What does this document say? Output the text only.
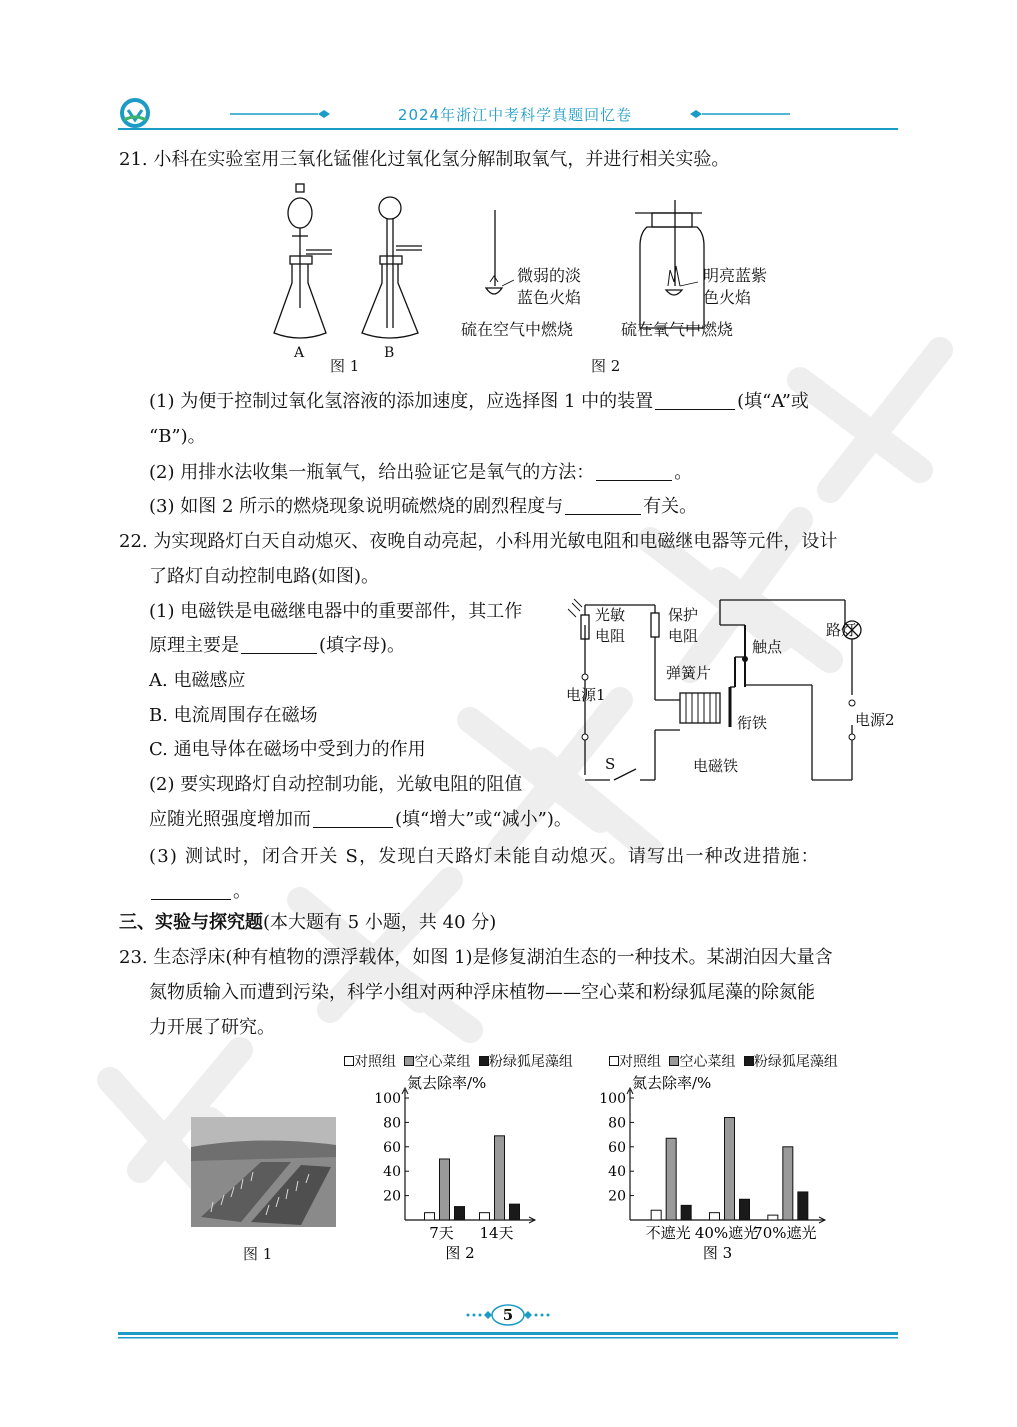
2024年浙江中考科学真题回忆卷
21. 小科在实验室用三氧化锰催化过氧化氢分解制取氧气，并进行相关实验。
A	B
图 1
微弱的淡
蓝色火焰
明亮蓝紫
色火焰
硫在空气中燃烧	硫在氧气中燃烧
图 2
(1) 为便于控制过氧化氢溶液的添加速度，应选择图 1 中的装置	(填“A”或
“B”)。
(2) 用排水法收集一瓶氧气，给出验证它是氧气的方法：	。
(3) 如图 2 所示的燃烧现象说明硫燃烧的剧烈程度与	有关。
22. 为实现路灯白天自动熄灭、夜晚自动亮起，小科用光敏电阻和电磁继电器等元件，设计
了路灯自动控制电路(如图)。
(1) 电磁铁是电磁继电器中的重要部件，其工作
原理主要是	(填字母)。
A. 电磁感应
B. 电流周围存在磁场
C. 通电导体在磁场中受到力的作用
(2) 要实现路灯自动控制功能，光敏电阻的阻值
应随光照强度增加而	(填“增大”或“减小”)。
(3) 测试时，闭合开关 S，发现白天路灯未能自动熄灭。请写出一种改进措施：
。
光敏
电阻
保护
电阻
触点
路灯
弹簧片
电源1
衔铁	电源2
S	电磁铁
三、实验与探究题(本大题有 5 小题，共 40 分)
23. 生态浮床(种有植物的漂浮载体，如图 1)是修复湖泊生态的一种技术。某湖泊因大量含
氮物质输入而遭到污染，科学小组对两种浮床植物——空心菜和粉绿狐尾藻的除氮能
力开展了研究。
图 1
对照组 空心菜组 粉绿狐尾藻组	对照组 空心菜组 粉绿狐尾藻组
氮去除率/%
20
40
60
80
100
7天 14天
图 2
氮去除率/%
20
40
60
80
100
不遮光 40%遮光
70%遮光
图 3
5
